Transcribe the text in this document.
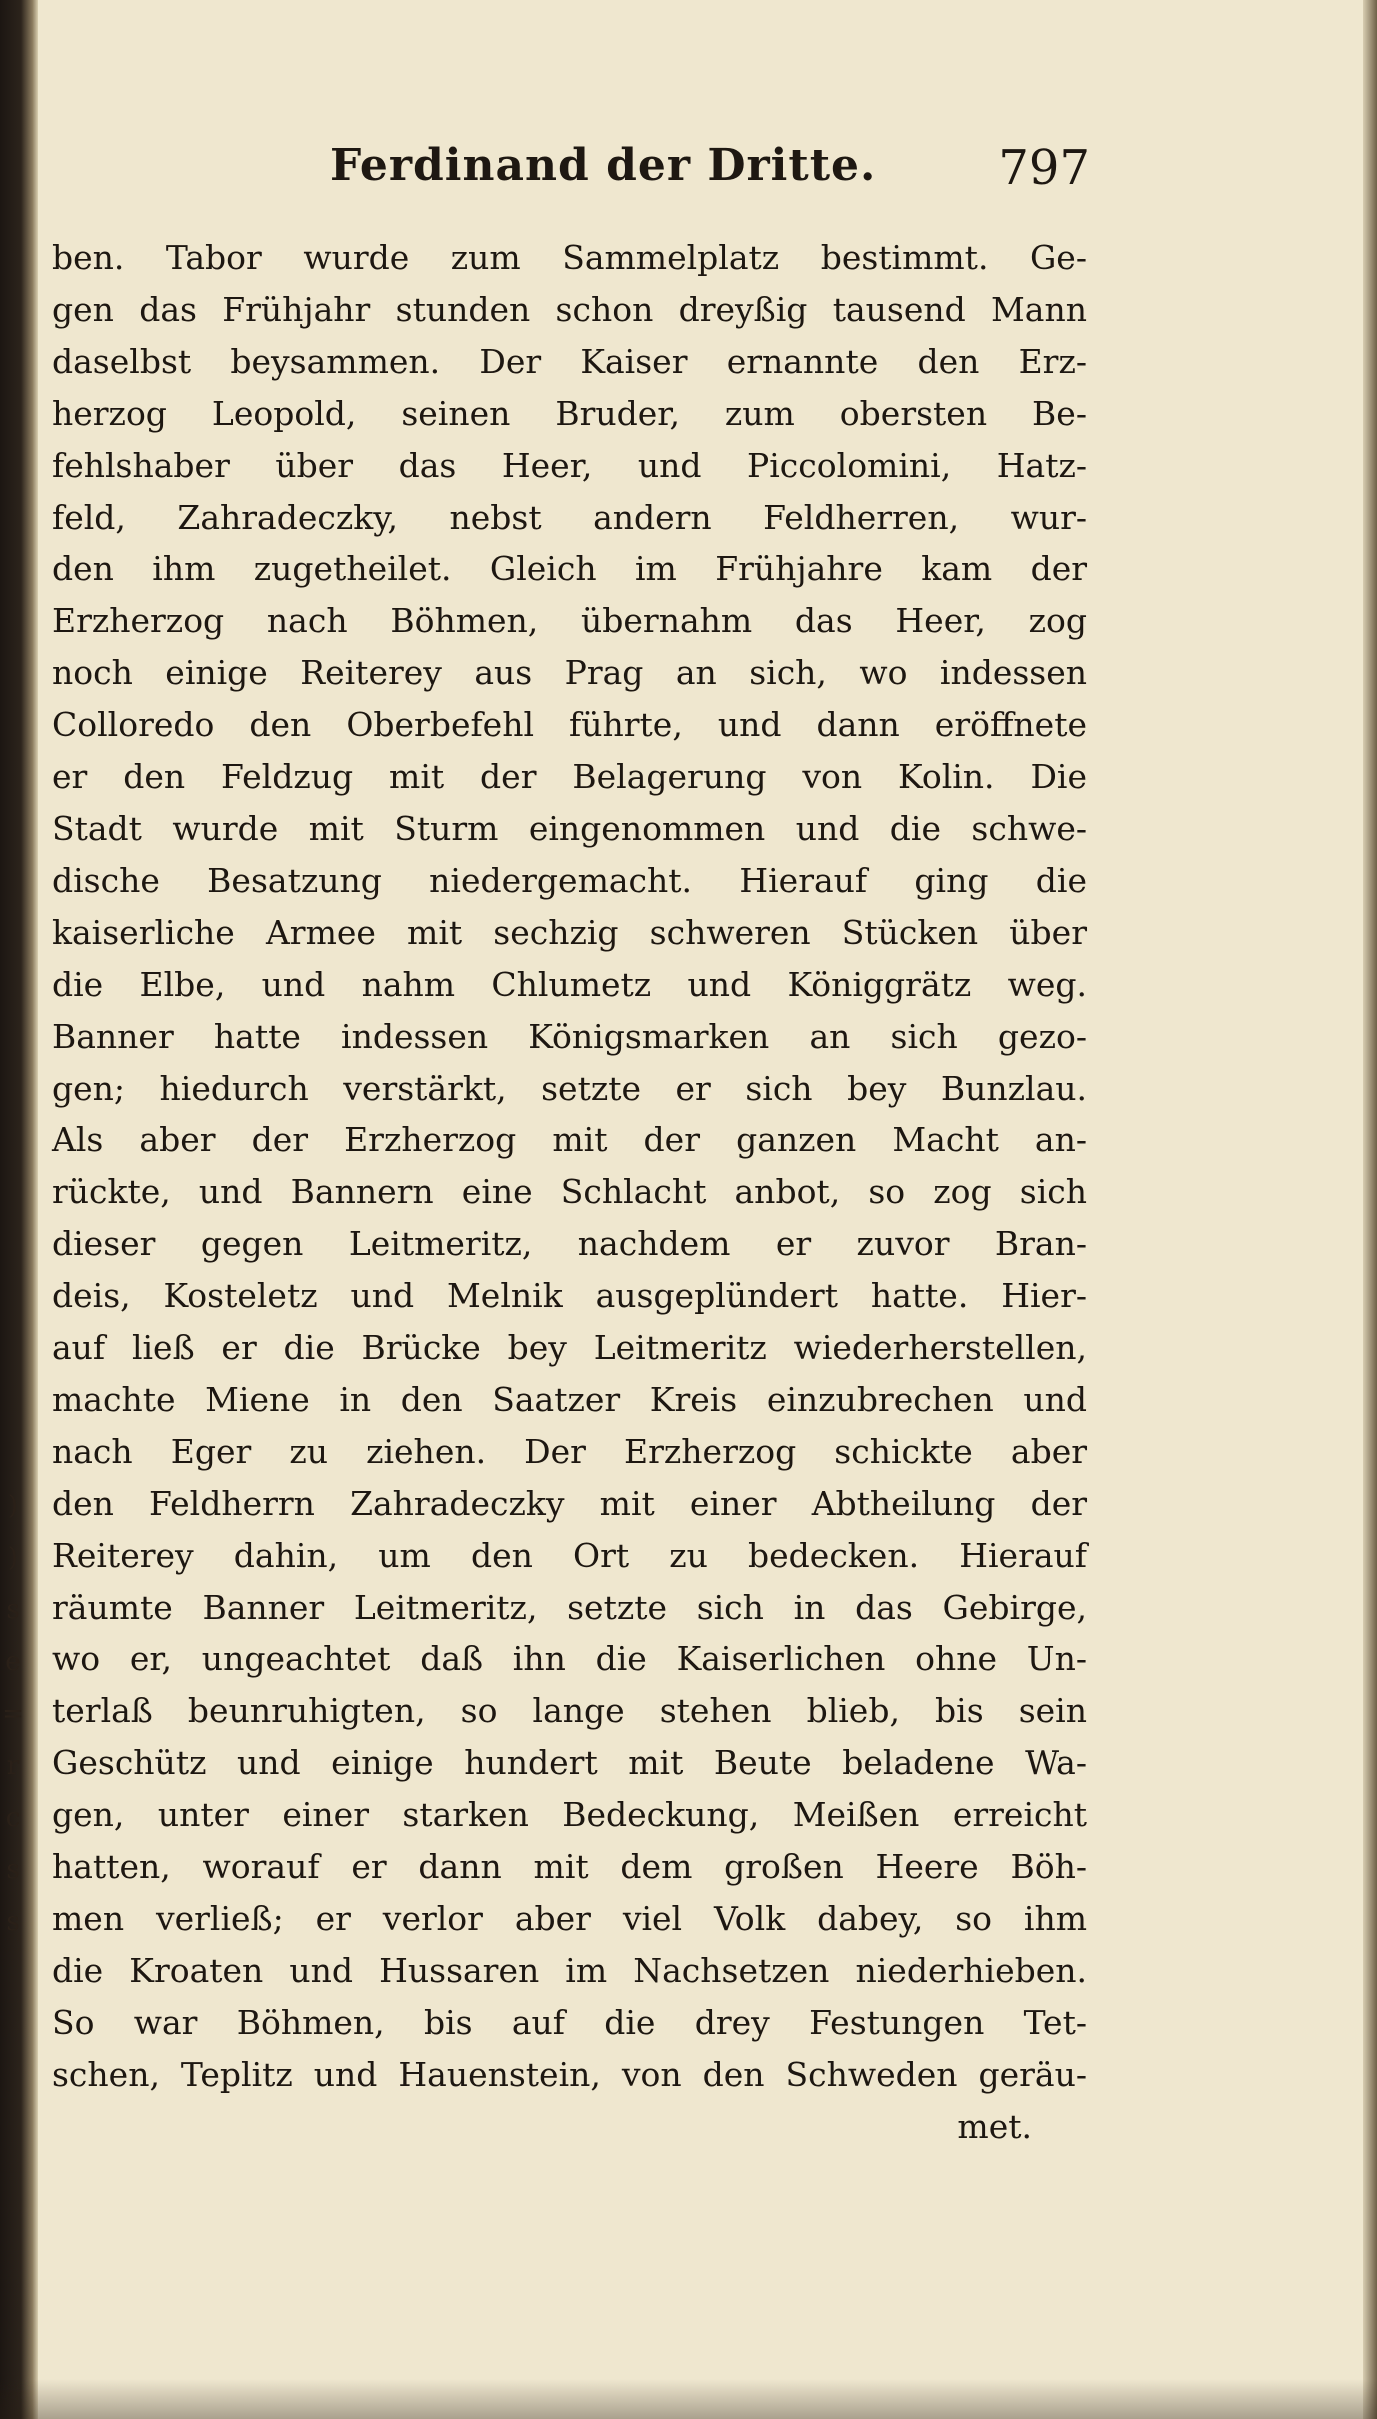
)
)
s
e
=
r
c
s
s
Ferdinand der Dritte.	797
ben. Tabor wurde zum Sammelplatz bestimmt. Ge-
gen das Frühjahr stunden schon dreyßig tausend Mann
daselbst beysammen. Der Kaiser ernannte den Erz-
herzog Leopold, seinen Bruder, zum obersten Be-
fehlshaber über das Heer, und Piccolomini, Hatz-
feld, Zahradeczky, nebst andern Feldherren, wur-
den ihm zugetheilet. Gleich im Frühjahre kam der
Erzherzog nach Böhmen, übernahm das Heer, zog
noch einige Reiterey aus Prag an sich, wo indessen
Colloredo den Oberbefehl führte, und dann eröffnete
er den Feldzug mit der Belagerung von Kolin. Die
Stadt wurde mit Sturm eingenommen und die schwe-
dische Besatzung niedergemacht. Hierauf ging die
kaiserliche Armee mit sechzig schweren Stücken über
die Elbe, und nahm Chlumetz und Königgrätz weg.
Banner hatte indessen Königsmarken an sich gezo-
gen; hiedurch verstärkt, setzte er sich bey Bunzlau.
Als aber der Erzherzog mit der ganzen Macht an-
rückte, und Bannern eine Schlacht anbot, so zog sich
dieser gegen Leitmeritz, nachdem er zuvor Bran-
deis, Kosteletz und Melnik ausgeplündert hatte. Hier-
auf ließ er die Brücke bey Leitmeritz wiederherstellen,
machte Miene in den Saatzer Kreis einzubrechen und
nach Eger zu ziehen. Der Erzherzog schickte aber
den Feldherrn Zahradeczky mit einer Abtheilung der
Reiterey dahin, um den Ort zu bedecken. Hierauf
räumte Banner Leitmeritz, setzte sich in das Gebirge,
wo er, ungeachtet daß ihn die Kaiserlichen ohne Un-
terlaß beunruhigten, so lange stehen blieb, bis sein
Geschütz und einige hundert mit Beute beladene Wa-
gen, unter einer starken Bedeckung, Meißen erreicht
hatten, worauf er dann mit dem großen Heere Böh-
men verließ; er verlor aber viel Volk dabey, so ihm
die Kroaten und Hussaren im Nachsetzen niederhieben.
So war Böhmen, bis auf die drey Festungen Tet-
schen, Teplitz und Hauenstein, von den Schweden geräu-
met.
